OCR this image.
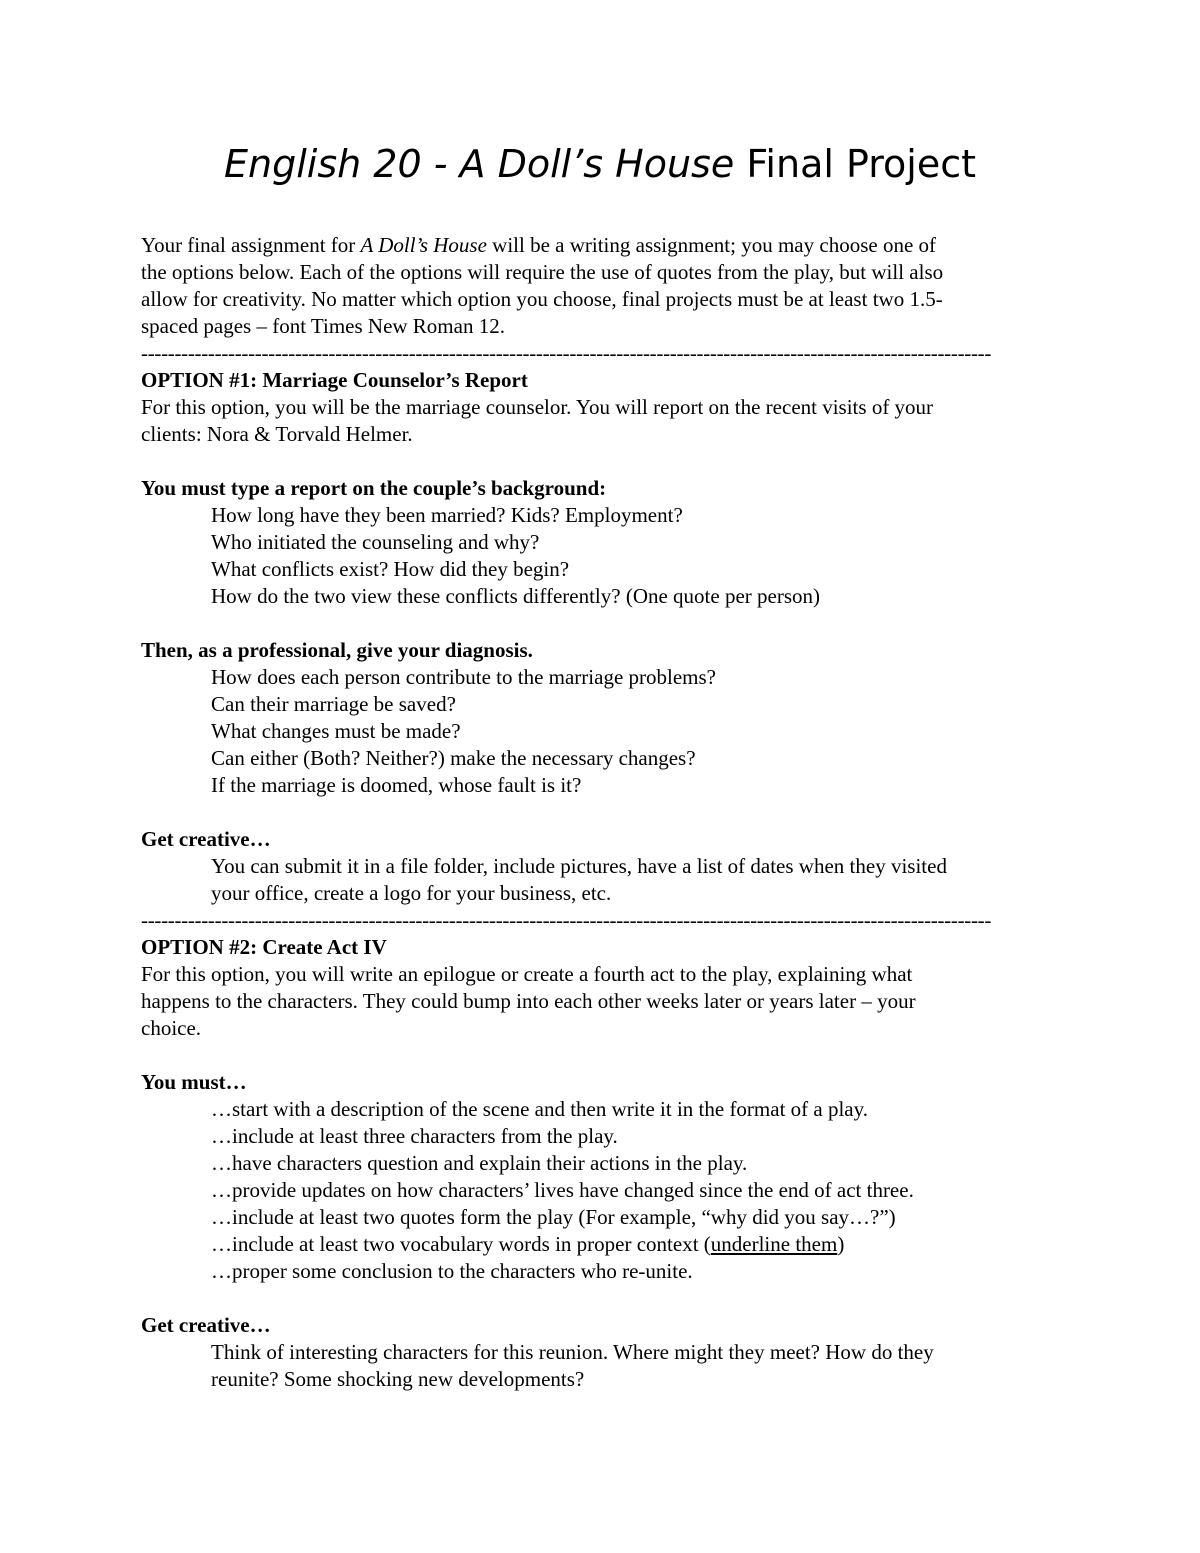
English 20 - A Doll’s House Final Project
Your final assignment for A Doll’s House will be a writing assignment; you may choose one of
the options below. Each of the options will require the use of quotes from the play, but will also
allow for creativity. No matter which option you choose, final projects must be at least two 1.5-
spaced pages – font Times New Roman 12.
-------------------------------------------------------------------------------------------------------------------------------
OPTION #1: Marriage Counselor’s Report
For this option, you will be the marriage counselor. You will report on the recent visits of your
clients: Nora & Torvald Helmer.
You must type a report on the couple’s background:
How long have they been married? Kids? Employment?
Who initiated the counseling and why?
What conflicts exist? How did they begin?
How do the two view these conflicts differently? (One quote per person)
Then, as a professional, give your diagnosis.
How does each person contribute to the marriage problems?
Can their marriage be saved?
What changes must be made?
Can either (Both? Neither?) make the necessary changes?
If the marriage is doomed, whose fault is it?
Get creative…
You can submit it in a file folder, include pictures, have a list of dates when they visited
your office, create a logo for your business, etc.
-------------------------------------------------------------------------------------------------------------------------------
OPTION #2: Create Act IV
For this option, you will write an epilogue or create a fourth act to the play, explaining what
happens to the characters. They could bump into each other weeks later or years later – your
choice.
You must…
…start with a description of the scene and then write it in the format of a play.
…include at least three characters from the play.
…have characters question and explain their actions in the play.
…provide updates on how characters’ lives have changed since the end of act three.
…include at least two quotes form the play (For example, “why did you say…?”)
…include at least two vocabulary words in proper context (underline them)
…proper some conclusion to the characters who re-unite.
Get creative…
Think of interesting characters for this reunion. Where might they meet? How do they
reunite? Some shocking new developments?
